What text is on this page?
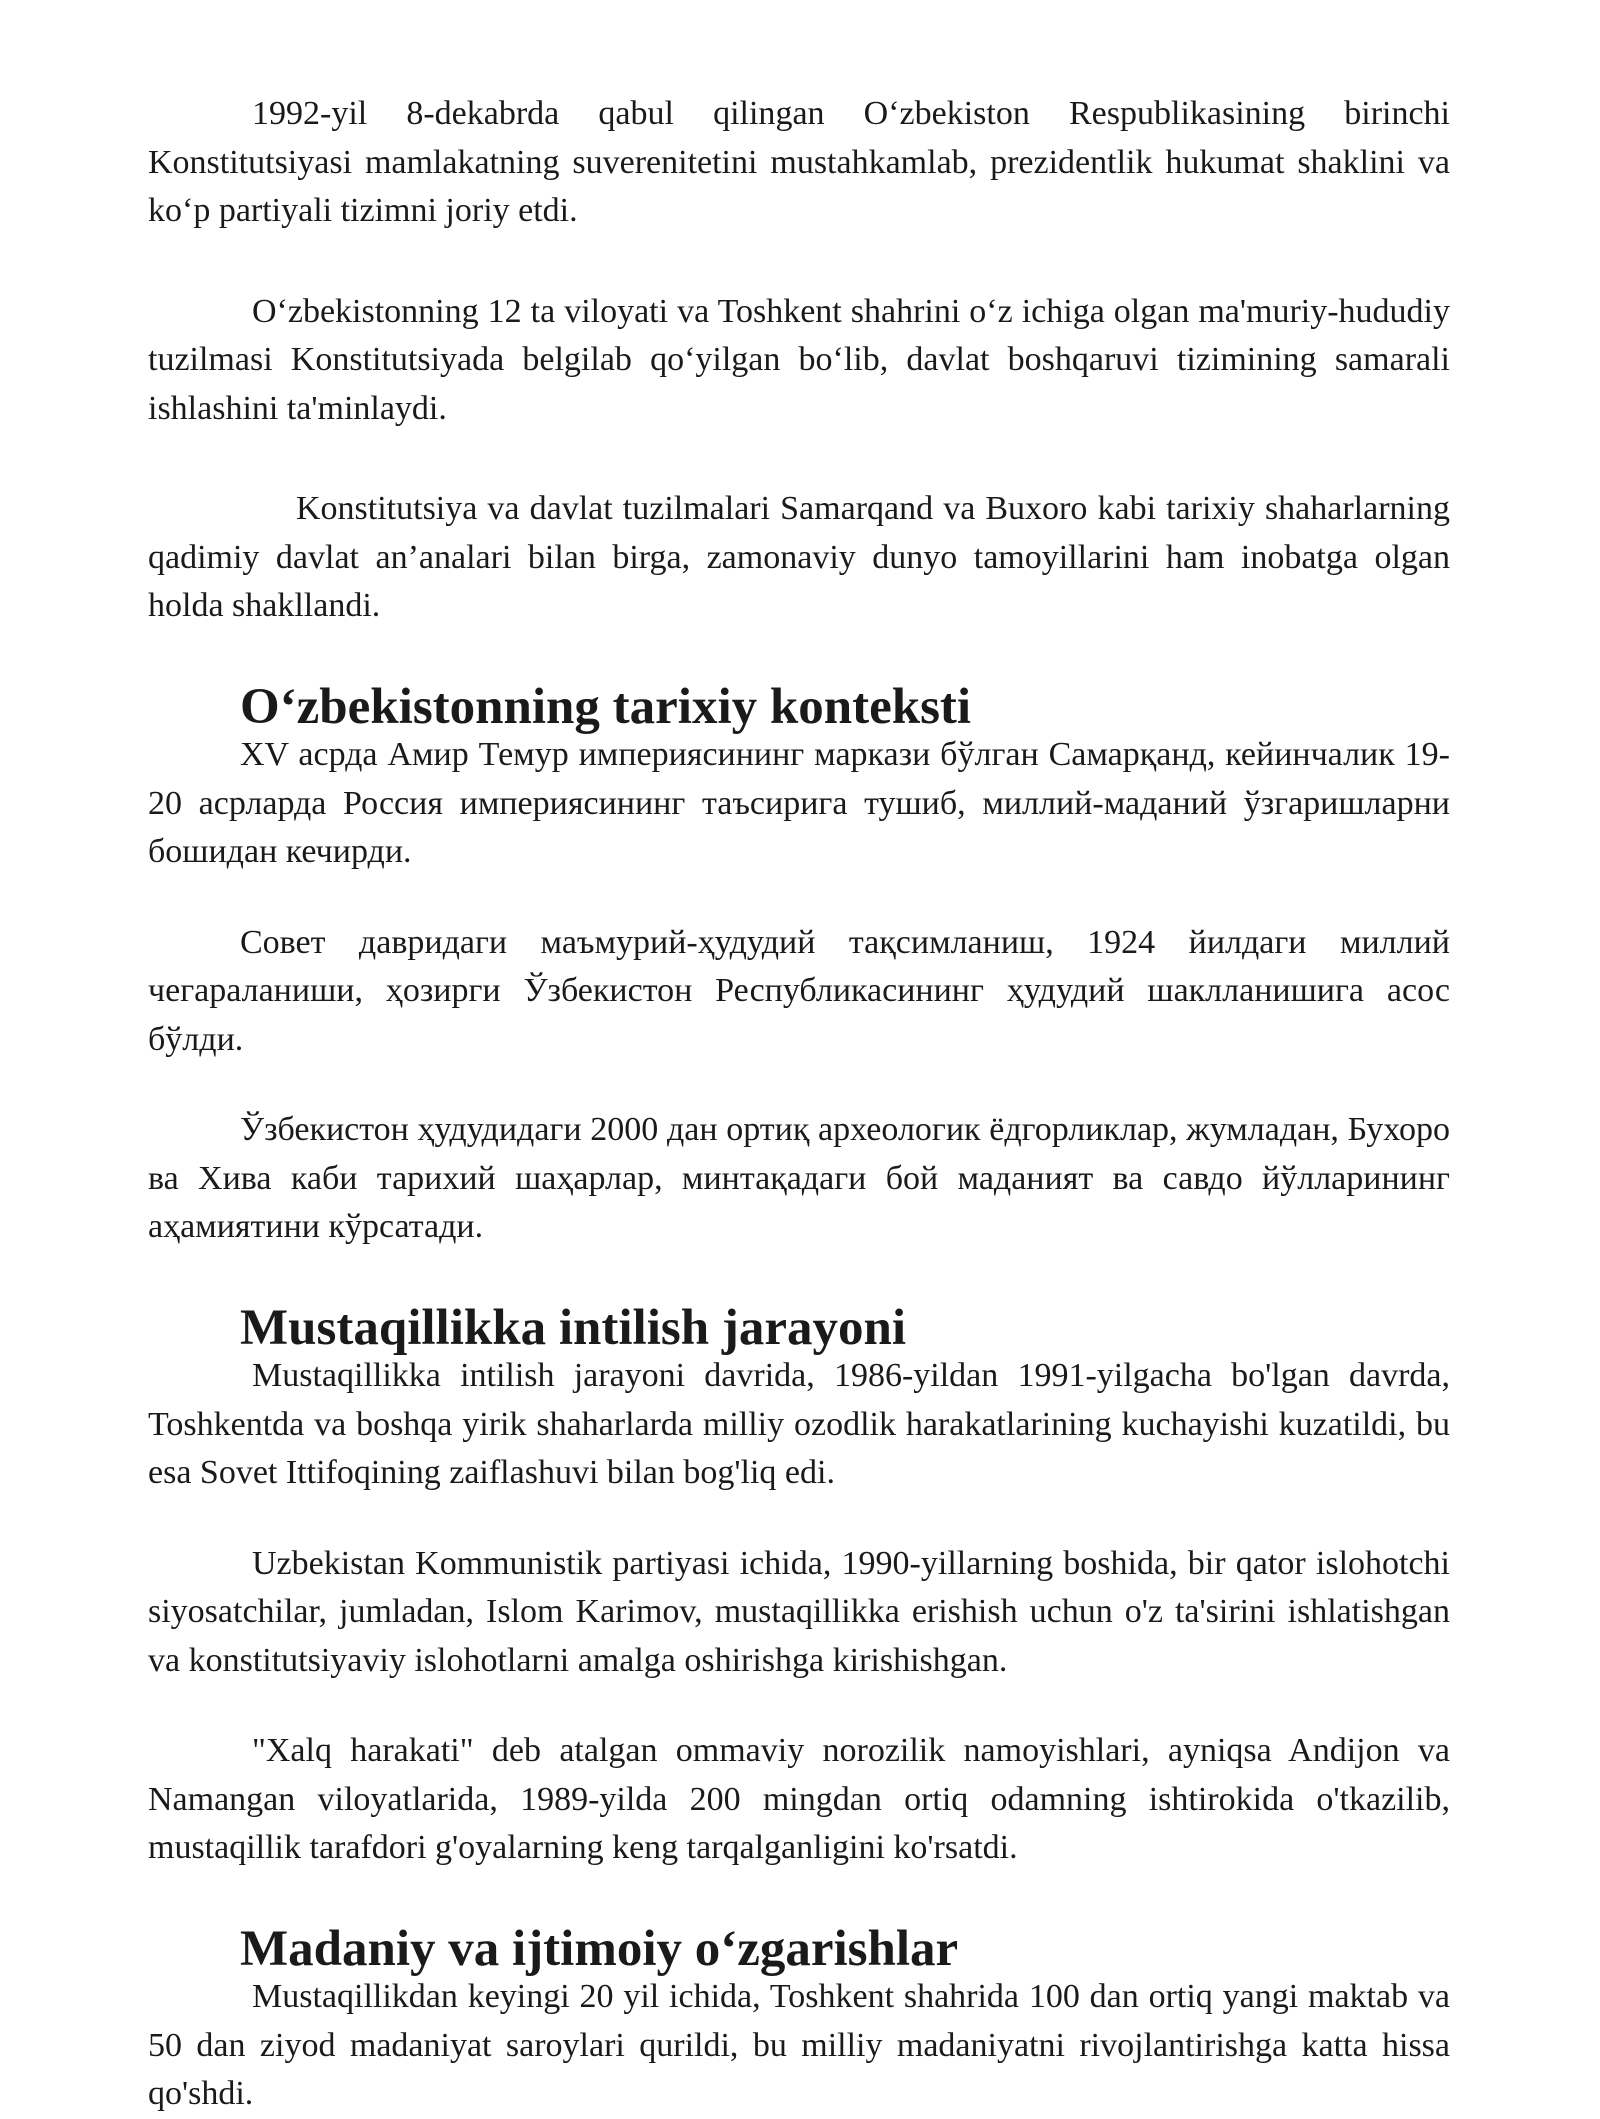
1992-yil 8-dekabrda qabul qilingan O‘zbekiston Respublikasining birinchi Konstitutsiyasi mamlakatning suverenitetini mustahkamlab, prezidentlik hukumat shaklini va ko‘p partiyali tizimni joriy etdi.

O‘zbekistonning 12 ta viloyati va Toshkent shahrini o‘z ichiga olgan ma'muriy-hududiy tuzilmasi Konstitutsiyada belgilab qo‘yilgan bo‘lib, davlat boshqaruvi tizimining samarali ishlashini ta'minlaydi.

Konstitutsiya va davlat tuzilmalari Samarqand va Buxoro kabi tarixiy shaharlarning qadimiy davlat an’analari bilan birga, zamonaviy dunyo tamoyillarini ham inobatga olgan holda shakllandi.

O‘zbekistonning tarixiy konteksti

XV асрда Амир Темур империясининг маркази бўлган Самарқанд, кейинчалик 19-20 асрларда Россия империясининг таъсирига тушиб, миллий-маданий ўзгаришларни бошидан кечирди.

Совет давридаги маъмурий-ҳудудий тақсимланиш, 1924 йилдаги миллий чегараланиши, ҳозирги Ўзбекистон Республикасининг ҳудудий шаклланишига асос бўлди.

Ўзбекистон ҳудудидаги 2000 дан ортиқ археологик ёдгорликлар, жумладан, Бухоро ва Хива каби тарихий шаҳарлар, минтақадаги бой маданият ва савдо йўлларининг аҳамиятини кўрсатади.

Mustaqillikka intilish jarayoni

Mustaqillikka intilish jarayoni davrida, 1986-yildan 1991-yilgacha bo'lgan davrda, Toshkentda va boshqa yirik shaharlarda milliy ozodlik harakatlarining kuchayishi kuzatildi, bu esa Sovet Ittifoqining zaiflashuvi bilan bog'liq edi.

Uzbekistan Kommunistik partiyasi ichida, 1990-yillarning boshida, bir qator islohotchi siyosatchilar, jumladan, Islom Karimov, mustaqillikka erishish uchun o'z ta'sirini ishlatishgan va konstitutsiyaviy islohotlarni amalga oshirishga kirishishgan.

"Xalq harakati" deb atalgan ommaviy norozilik namoyishlari, ayniqsa Andijon va Namangan viloyatlarida, 1989-yilda 200 mingdan ortiq odamning ishtirokida o'tkazilib, mustaqillik tarafdori g'oyalarning keng tarqalganligini ko'rsatdi.

Madaniy va ijtimoiy o‘zgarishlar

Mustaqillikdan keyingi 20 yil ichida, Toshkent shahrida 100 dan ortiq yangi maktab va 50 dan ziyod madaniyat saroylari qurildi, bu milliy madaniyatni rivojlantirishga katta hissa qo'shdi.
